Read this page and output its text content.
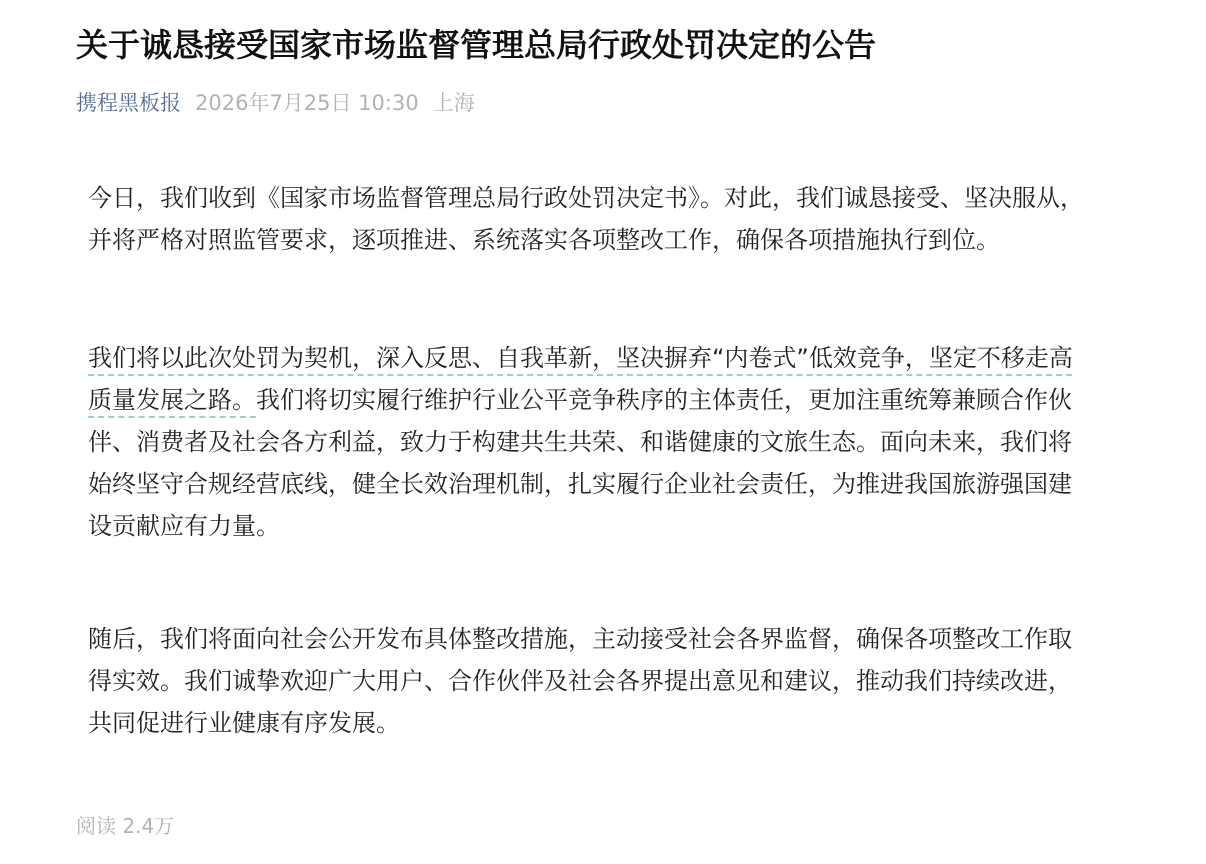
关于诚恳接受国家市场监督管理总局行政处罚决定的公告
携程黑板报 2026年7月25日 10:30 上海

今日，我们收到《国家市场监督管理总局行政处罚决定书》。对此，我们诚恳接受、坚决服从，并将严格对照监管要求，逐项推进、系统落实各项整改工作，确保各项措施执行到位。

我们将以此次处罚为契机，深入反思、自我革新，坚决摒弃“内卷式”低效竞争，坚定不移走高质量发展之路。我们将切实履行维护行业公平竞争秩序的主体责任，更加注重统筹兼顾合作伙伴、消费者及社会各方利益，致力于构建共生共荣、和谐健康的文旅生态。面向未来，我们将始终坚守合规经营底线，健全长效治理机制，扎实履行企业社会责任，为推进我国旅游强国建设贡献应有力量。

随后，我们将面向社会公开发布具体整改措施，主动接受社会各界监督，确保各项整改工作取得实效。我们诚挚欢迎广大用户、合作伙伴及社会各界提出意见和建议，推动我们持续改进，共同促进行业健康有序发展。

阅读 2.4万
